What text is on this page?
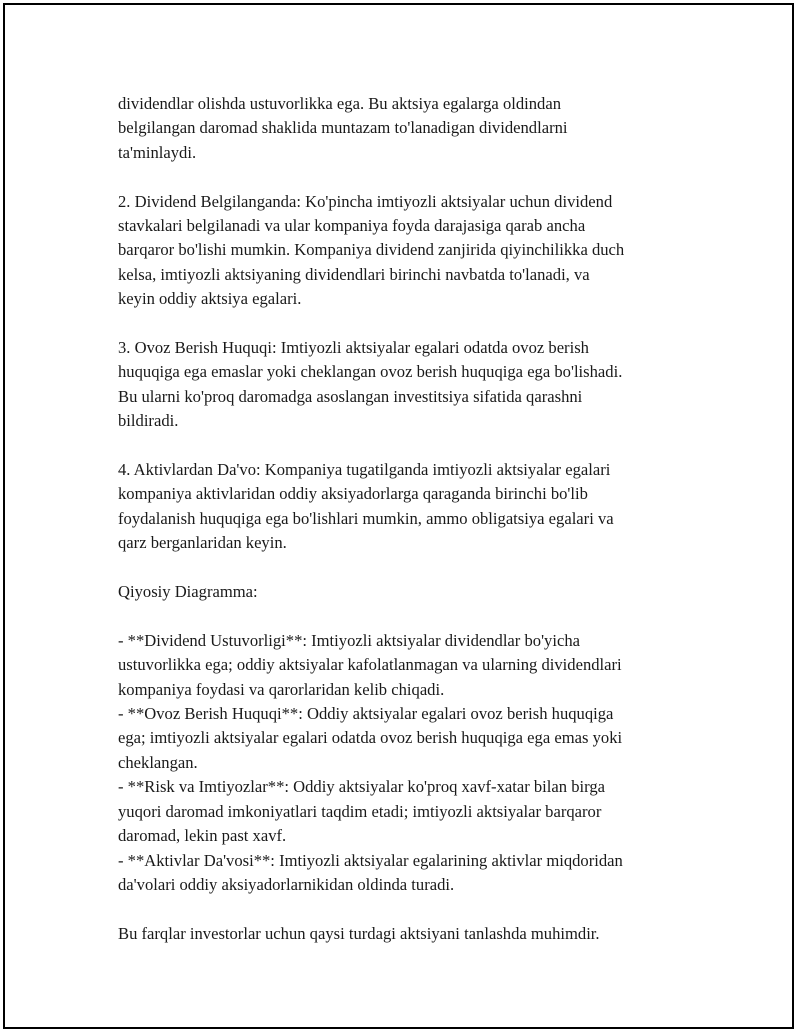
dividendlar olishda ustuvorlikka ega. Bu aktsiya egalarga oldindan
belgilangan daromad shaklida muntazam to'lanadigan dividendlarni
ta'minlaydi.

2. Dividend Belgilanganda: Ko'pincha imtiyozli aktsiyalar uchun dividend
stavkalari belgilanadi va ular kompaniya foyda darajasiga qarab ancha
barqaror bo'lishi mumkin. Kompaniya dividend zanjirida qiyinchilikka duch
kelsa, imtiyozli aktsiyaning dividendlari birinchi navbatda to'lanadi, va
keyin oddiy aktsiya egalari.

3. Ovoz Berish Huquqi: Imtiyozli aktsiyalar egalari odatda ovoz berish
huquqiga ega emaslar yoki cheklangan ovoz berish huquqiga ega bo'lishadi.
Bu ularni ko'proq daromadga asoslangan investitsiya sifatida qarashni
bildiradi.

4. Aktivlardan Da'vo: Kompaniya tugatilganda imtiyozli aktsiyalar egalari
kompaniya aktivlaridan oddiy aksiyadorlarga qaraganda birinchi bo'lib
foydalanish huquqiga ega bo'lishlari mumkin, ammo obligatsiya egalari va
qarz berganlaridan keyin.

Qiyosiy Diagramma:

- **Dividend Ustuvorligi**: Imtiyozli aktsiyalar dividendlar bo'yicha
ustuvorlikka ega; oddiy aktsiyalar kafolatlanmagan va ularning dividendlari
kompaniya foydasi va qarorlaridan kelib chiqadi.

- **Ovoz Berish Huquqi**: Oddiy aktsiyalar egalari ovoz berish huquqiga
ega; imtiyozli aktsiyalar egalari odatda ovoz berish huquqiga ega emas yoki
cheklangan.

- **Risk va Imtiyozlar**: Oddiy aktsiyalar ko'proq xavf-xatar bilan birga
yuqori daromad imkoniyatlari taqdim etadi; imtiyozli aktsiyalar barqaror
daromad, lekin past xavf.

- **Aktivlar Da'vosi**: Imtiyozli aktsiyalar egalarining aktivlar miqdoridan
da'volari oddiy aksiyadorlarnikidan oldinda turadi.

Bu farqlar investorlar uchun qaysi turdagi aktsiyani tanlashda muhimdir.
